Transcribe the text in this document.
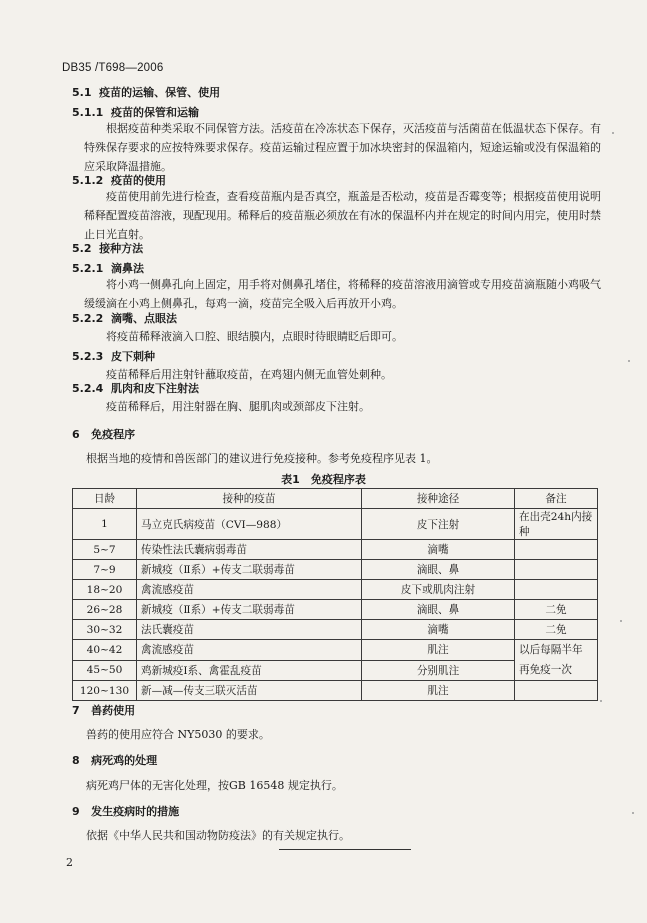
DB35 /T698—2006
5.1 疫苗的运输、保管、使用
5.1.1 疫苗的保管和运输
根据疫苗种类采取不同保管方法。活疫苗在冷冻状态下保存，灭活疫苗与活菌苗在低温状态下保存。有特殊保存要求的应按特殊要求保存。疫苗运输过程应置于加冰块密封的保温箱内，短途运输或没有保温箱的应采取降温措施。
5.1.2 疫苗的使用
疫苗使用前先进行检查，查看疫苗瓶内是否真空，瓶盖是否松动，疫苗是否霉变等；根据疫苗使用说明稀释配置疫苗溶液，现配现用。稀释后的疫苗瓶必须放在有冰的保温杯内并在规定的时间内用完，使用时禁止日光直射。
5.2 接种方法
5.2.1 滴鼻法
将小鸡一侧鼻孔向上固定，用手将对侧鼻孔堵住，将稀释的疫苗溶液用滴管或专用疫苗滴瓶随小鸡吸气缓缓滴在小鸡上侧鼻孔，每鸡一滴，疫苗完全吸入后再放开小鸡。
5.2.2 滴嘴、点眼法
将疫苗稀释液滴入口腔、眼结膜内，点眼时待眼睛眨后即可。
5.2.3 皮下刺种
疫苗稀释后用注射针蘸取疫苗，在鸡翅内侧无血管处刺种。
5.2.4 肌肉和皮下注射法
疫苗稀释后，用注射器在胸、腿肌肉或颈部皮下注射。
6 免疫程序
根据当地的疫情和兽医部门的建议进行免疫接种。参考免疫程序见表 1。
表1　免疫程序表
日龄	接种的疫苗	接种途径	备注
1	马立克氏病疫苗（CVI—988）	皮下注射	在出壳24h内接种
5~7	传染性法氏囊病弱毒苗	滴嘴	
7~9	新城疫（Ⅱ系）+传支二联弱毒苗	滴眼、鼻	
18~20	禽流感疫苗	皮下或肌肉注射	
26~28	新城疫（Ⅱ系）+传支二联弱毒苗	滴眼、鼻	二免
30~32	法氏囊疫苗	滴嘴	二免
40~42	禽流感疫苗	肌注	以后每隔半年再免疫一次
45~50	鸡新城疫Ⅰ系、禽霍乱疫苗	分别肌注	
120~130	新—减—传支三联灭活苗	肌注	
7 兽药使用
兽药的使用应符合 NY5030 的要求。
8 病死鸡的处理
病死鸡尸体的无害化处理，按GB 16548 规定执行。
9 发生疫病时的措施
依据《中华人民共和国动物防疫法》的有关规定执行。
2
